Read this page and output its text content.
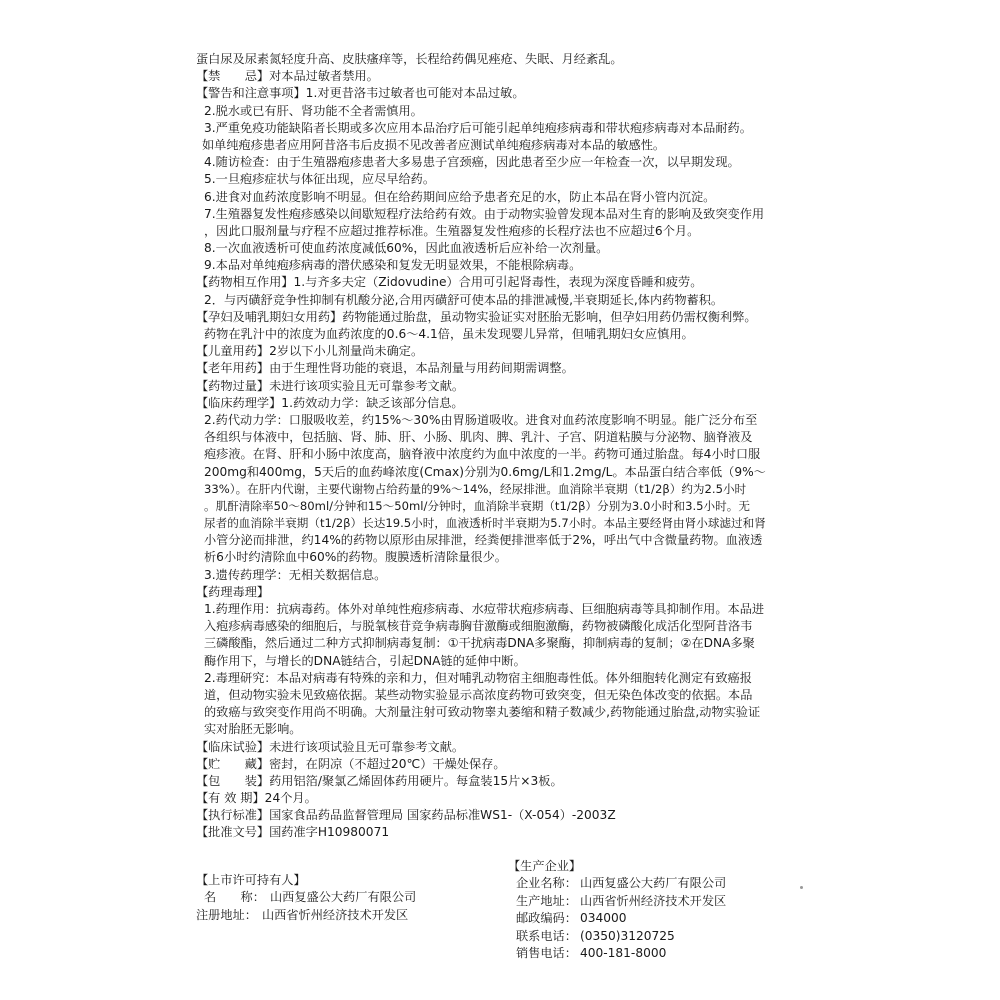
蛋白尿及尿素氮轻度升高、皮肤瘙痒等，长程给药偶见痤疮、失眠、月经紊乱。
【禁　　忌】对本品过敏者禁用。
【警告和注意事项】1.对更昔洛韦过敏者也可能对本品过敏。
2.脱水或已有肝、肾功能不全者需慎用。
3.严重免疫功能缺陷者长期或多次应用本品治疗后可能引起单纯疱疹病毒和带状疱疹病毒对本品耐药。
如单纯疱疹患者应用阿昔洛韦后皮损不见改善者应测试单纯疱疹病毒对本品的敏感性。
4.随访检查：由于生殖器疱疹患者大多易患子宫颈癌，因此患者至少应一年检查一次，以早期发现。
5.一旦疱疹症状与体征出现，应尽早给药。
6.进食对血药浓度影响不明显。但在给药期间应给予患者充足的水，防止本品在肾小管内沉淀。
7.生殖器复发性疱疹感染以间歇短程疗法给药有效。由于动物实验曾发现本品对生育的影响及致突变作用
，因此口服剂量与疗程不应超过推荐标准。生殖器复发性疱疹的长程疗法也不应超过6个月。
8.一次血液透析可使血药浓度减低60%，因此血液透析后应补给一次剂量。
9.本品对单纯疱疹病毒的潜伏感染和复发无明显效果，不能根除病毒。
【药物相互作用】1.与齐多夫定（Zidovudine）合用可引起肾毒性，表现为深度昏睡和疲劳。
2．与丙磺舒竞争性抑制有机酸分泌,合用丙磺舒可使本品的排泄减慢,半衰期延长,体内药物蓄积。
【孕妇及哺乳期妇女用药】药物能通过胎盘，虽动物实验证实对胚胎无影响，但孕妇用药仍需权衡利弊。
药物在乳汁中的浓度为血药浓度的0.6～4.1倍，虽未发现婴儿异常，但哺乳期妇女应慎用。
【儿童用药】2岁以下小儿剂量尚未确定。
【老年用药】由于生理性肾功能的衰退，本品剂量与用药间期需调整。
【药物过量】未进行该项实验且无可靠参考文献。
【临床药理学】1.药效动力学：缺乏该部分信息。
2.药代动力学：口服吸收差，约15%～30%由胃肠道吸收。进食对血药浓度影响不明显。能广泛分布至
各组织与体液中，包括脑、肾、肺、肝、小肠、肌肉、脾、乳汁、子宫、阴道粘膜与分泌物、脑脊液及
疱疹液。在肾、肝和小肠中浓度高，脑脊液中浓度约为血中浓度的一半。药物可通过胎盘。每4小时口服
200mg和400mg，5天后的血药峰浓度(Cmax)分别为0.6mg/L和1.2mg/L。本品蛋白结合率低（9%～
33%）。在肝内代谢，主要代谢物占给药量的9%～14%，经尿排泄。血消除半衰期（t1/2β）约为2.5小时
。肌酐清除率50～80ml/分钟和15～50ml/分钟时，血消除半衰期（t1/2β）分别为3.0小时和3.5小时。无
尿者的血消除半衰期（t1/2β）长达19.5小时，血液透析时半衰期为5.7小时。本品主要经肾由肾小球滤过和肾
小管分泌而排泄，约14%的药物以原形由尿排泄，经粪便排泄率低于2%，呼出气中含微量药物。血液透
析6小时约清除血中60%的药物。腹膜透析清除量很少。
3.遗传药理学：无相关数据信息。
【药理毒理】
1.药理作用：抗病毒药。体外对单纯性疱疹病毒、水痘带状疱疹病毒、巨细胞病毒等具抑制作用。本品进
入疱疹病毒感染的细胞后，与脱氧核苷竞争病毒胸苷激酶或细胞激酶，药物被磷酸化成活化型阿昔洛韦
三磷酸酯，然后通过二种方式抑制病毒复制：①干扰病毒DNA多聚酶，抑制病毒的复制；②在DNA多聚
酶作用下，与增长的DNA链结合，引起DNA链的延伸中断。
2.毒理研究：本品对病毒有特殊的亲和力，但对哺乳动物宿主细胞毒性低。体外细胞转化测定有致癌报
道，但动物实验未见致癌依据。某些动物实验显示高浓度药物可致突变，但无染色体改变的依据。本品
的致癌与致突变作用尚不明确。大剂量注射可致动物睾丸萎缩和精子数减少,药物能通过胎盘,动物实验证
实对胎胚无影响。
【临床试验】未进行该项试验且无可靠参考文献。
【贮　　藏】密封，在阴凉（不超过20℃）干燥处保存。
【包　　装】药用铝箔/聚氯乙烯固体药用硬片。每盒装15片×3板。
【有 效 期】24个月。
【执行标准】国家食品药品监督管理局 国家药品标准WS1-（X-054）-2003Z
【批准文号】国药准字H10980071
【上市许可持有人】
名　　称： 山西复盛公大药厂有限公司
注册地址： 山西省忻州经济技术开发区
【生产企业】
企业名称： 山西复盛公大药厂有限公司
生产地址： 山西省忻州经济技术开发区
邮政编码： 034000
联系电话： (0350)3120725
销售电话： 400-181-8000
